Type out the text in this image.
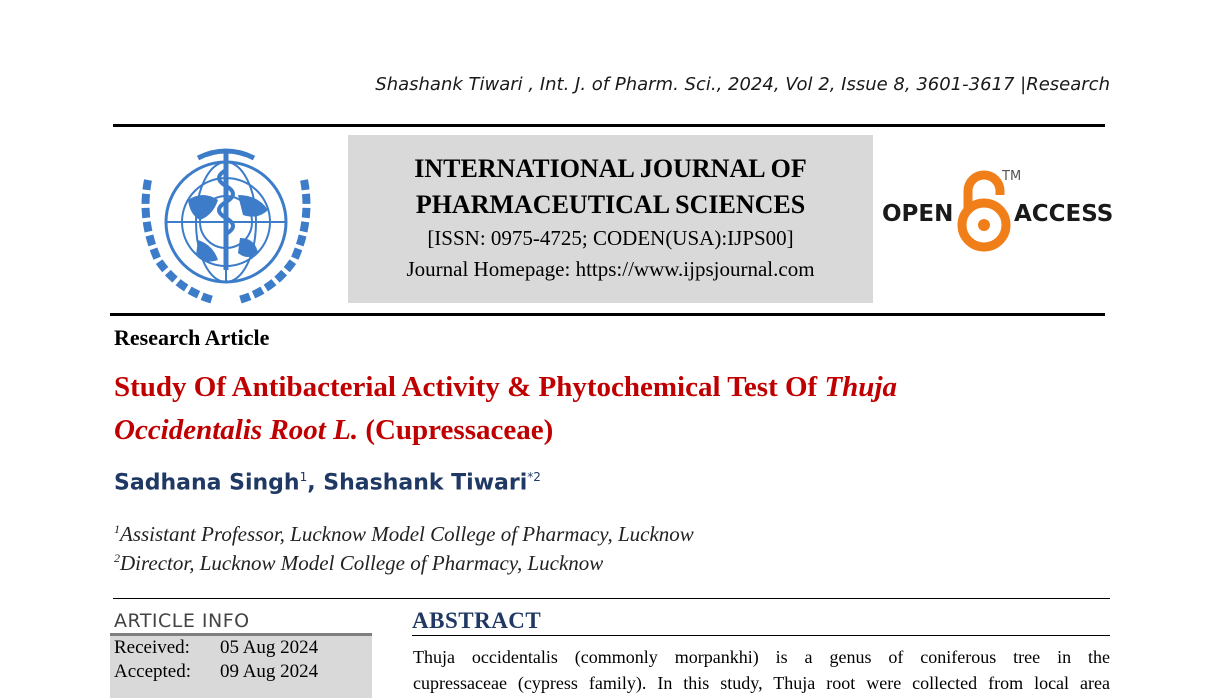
Shashank Tiwari , Int. J. of Pharm. Sci., 2024, Vol 2, Issue 8, 3601-3617 |Research
INTERNATIONAL JOURNAL OF
PHARMACEUTICAL SCIENCES
[ISSN: 0975-4725; CODEN(USA):IJPS00]
Journal Homepage: https://www.ijpsjournal.com
OPEN
TM
ACCESS
Research Article
Study Of Antibacterial Activity & Phytochemical Test Of Thuja
Occidentalis Root L. (Cupressaceae)
Sadhana Singh$^1$, Shashank Tiwari$^{*2}$
$^1$Assistant Professor, Lucknow Model College of Pharmacy, Lucknow
$^2$Director, Lucknow Model College of Pharmacy, Lucknow
ARTICLE INFO
Received: 05 Aug 2024
Accepted: 09 Aug 2024
ABSTRACT
Thuja occidentalis (commonly morpankhi) is a genus of coniferous tree in the
cupressaceae (cypress family). In this study, Thuja root were collected from local area
